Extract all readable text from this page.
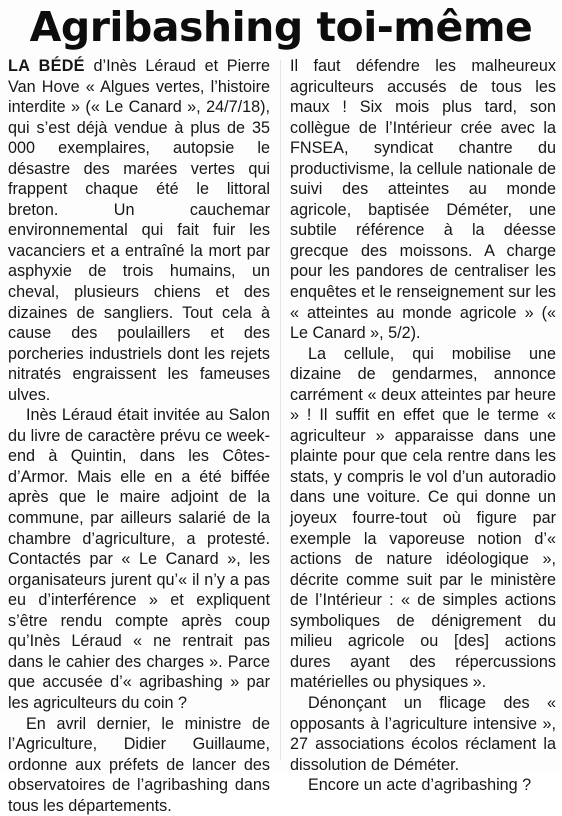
Agribashing toi-même

LA BÉDÉ d’Inès Léraud et Pierre Van Hove « Algues vertes, l’histoire interdite » (« Le Canard », 24/7/18), qui s’est déjà vendue à plus de 35 000 exemplaires, autopsie le désastre des marées vertes qui frappent chaque été le littoral breton. Un cauchemar environnemental qui fait fuir les vacanciers et a entraîné la mort par asphyxie de trois humains, un cheval, plusieurs chiens et des dizaines de sangliers. Tout cela à cause des poulaillers et des porcheries industriels dont les rejets nitratés engraissent les fameuses ulves.

Inès Léraud était invitée au Salon du livre de caractère prévu ce week-end à Quintin, dans les Côtes-d’Armor. Mais elle en a été biffée après que le maire adjoint de la commune, par ailleurs salarié de la chambre d’agriculture, a protesté. Contactés par « Le Canard », les organisateurs jurent qu’« il n’y a pas eu d’interférence » et expliquent s’être rendu compte après coup qu’Inès Léraud « ne rentrait pas dans le cahier des charges ». Parce que accusée d’« agribashing » par les agriculteurs du coin ?

En avril dernier, le ministre de l’Agriculture, Didier Guillaume, ordonne aux préfets de lancer des observatoires de l’agribashing dans tous les départements.

Il faut défendre les malheureux agriculteurs accusés de tous les maux ! Six mois plus tard, son collègue de l’Intérieur crée avec la FNSEA, syndicat chantre du productivisme, la cellule nationale de suivi des atteintes au monde agricole, baptisée Déméter, une subtile référence à la déesse grecque des moissons. A charge pour les pandores de centraliser les enquêtes et le renseignement sur les « atteintes au monde agricole » (« Le Canard », 5/2).

La cellule, qui mobilise une dizaine de gendarmes, annonce carrément « deux atteintes par heure » ! Il suffit en effet que le terme « agriculteur » apparaisse dans une plainte pour que cela rentre dans les stats, y compris le vol d’un autoradio dans une voiture. Ce qui donne un joyeux fourre-tout où figure par exemple la vaporeuse notion d’« actions de nature idéologique », décrite comme suit par le ministère de l’Intérieur : « de simples actions symboliques de dénigrement du milieu agricole ou [des] actions dures ayant des répercussions matérielles ou physiques ».

Dénonçant un flicage des « opposants à l’agriculture intensive », 27 associations écolos réclament la dissolution de Déméter.

Encore un acte d’agribashing ?
